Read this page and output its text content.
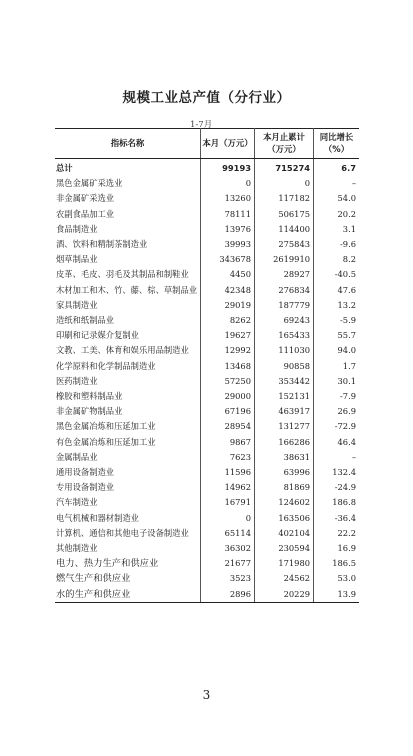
规模工业总产值（分行业）
1-7月
指标名称	本月（万元）	本月止累计（万元）	同比增长（%）
总计	99193	715274	6.7
黑色金属矿采选业	0	0	–
非金属矿采选业	13260	117182	54.0
农副食品加工业	78111	506175	20.2
食品制造业	13976	114400	3.1
酒、饮料和精制茶制造业	39993	275843	-9.6
烟草制品业	343678	2619910	8.2
皮革、毛皮、羽毛及其制品和制鞋业	4450	28927	-40.5
木材加工和木、竹、藤、棕、草制品业	42348	276834	47.6
家具制造业	29019	187779	13.2
造纸和纸制品业	8262	69243	-5.9
印刷和记录媒介复制业	19627	165433	55.7
文教、工美、体育和娱乐用品制造业	12992	111030	94.0
化学原料和化学制品制造业	13468	90858	1.7
医药制造业	57250	353442	30.1
橡胶和塑料制品业	29000	152131	-7.9
非金属矿物制品业	67196	463917	26.9
黑色金属冶炼和压延加工业	28954	131277	-72.9
有色金属冶炼和压延加工业	9867	166286	46.4
金属制品业	7623	38631	–
通用设备制造业	11596	63996	132.4
专用设备制造业	14962	81869	-24.9
汽车制造业	16791	124602	186.8
电气机械和器材制造业	0	163506	-36.4
计算机、通信和其他电子设备制造业	65114	402104	22.2
其他制造业	36302	230594	16.9
电力、热力生产和供应业	21677	171980	186.5
燃气生产和供应业	3523	24562	53.0
水的生产和供应业	2896	20229	13.9
3
